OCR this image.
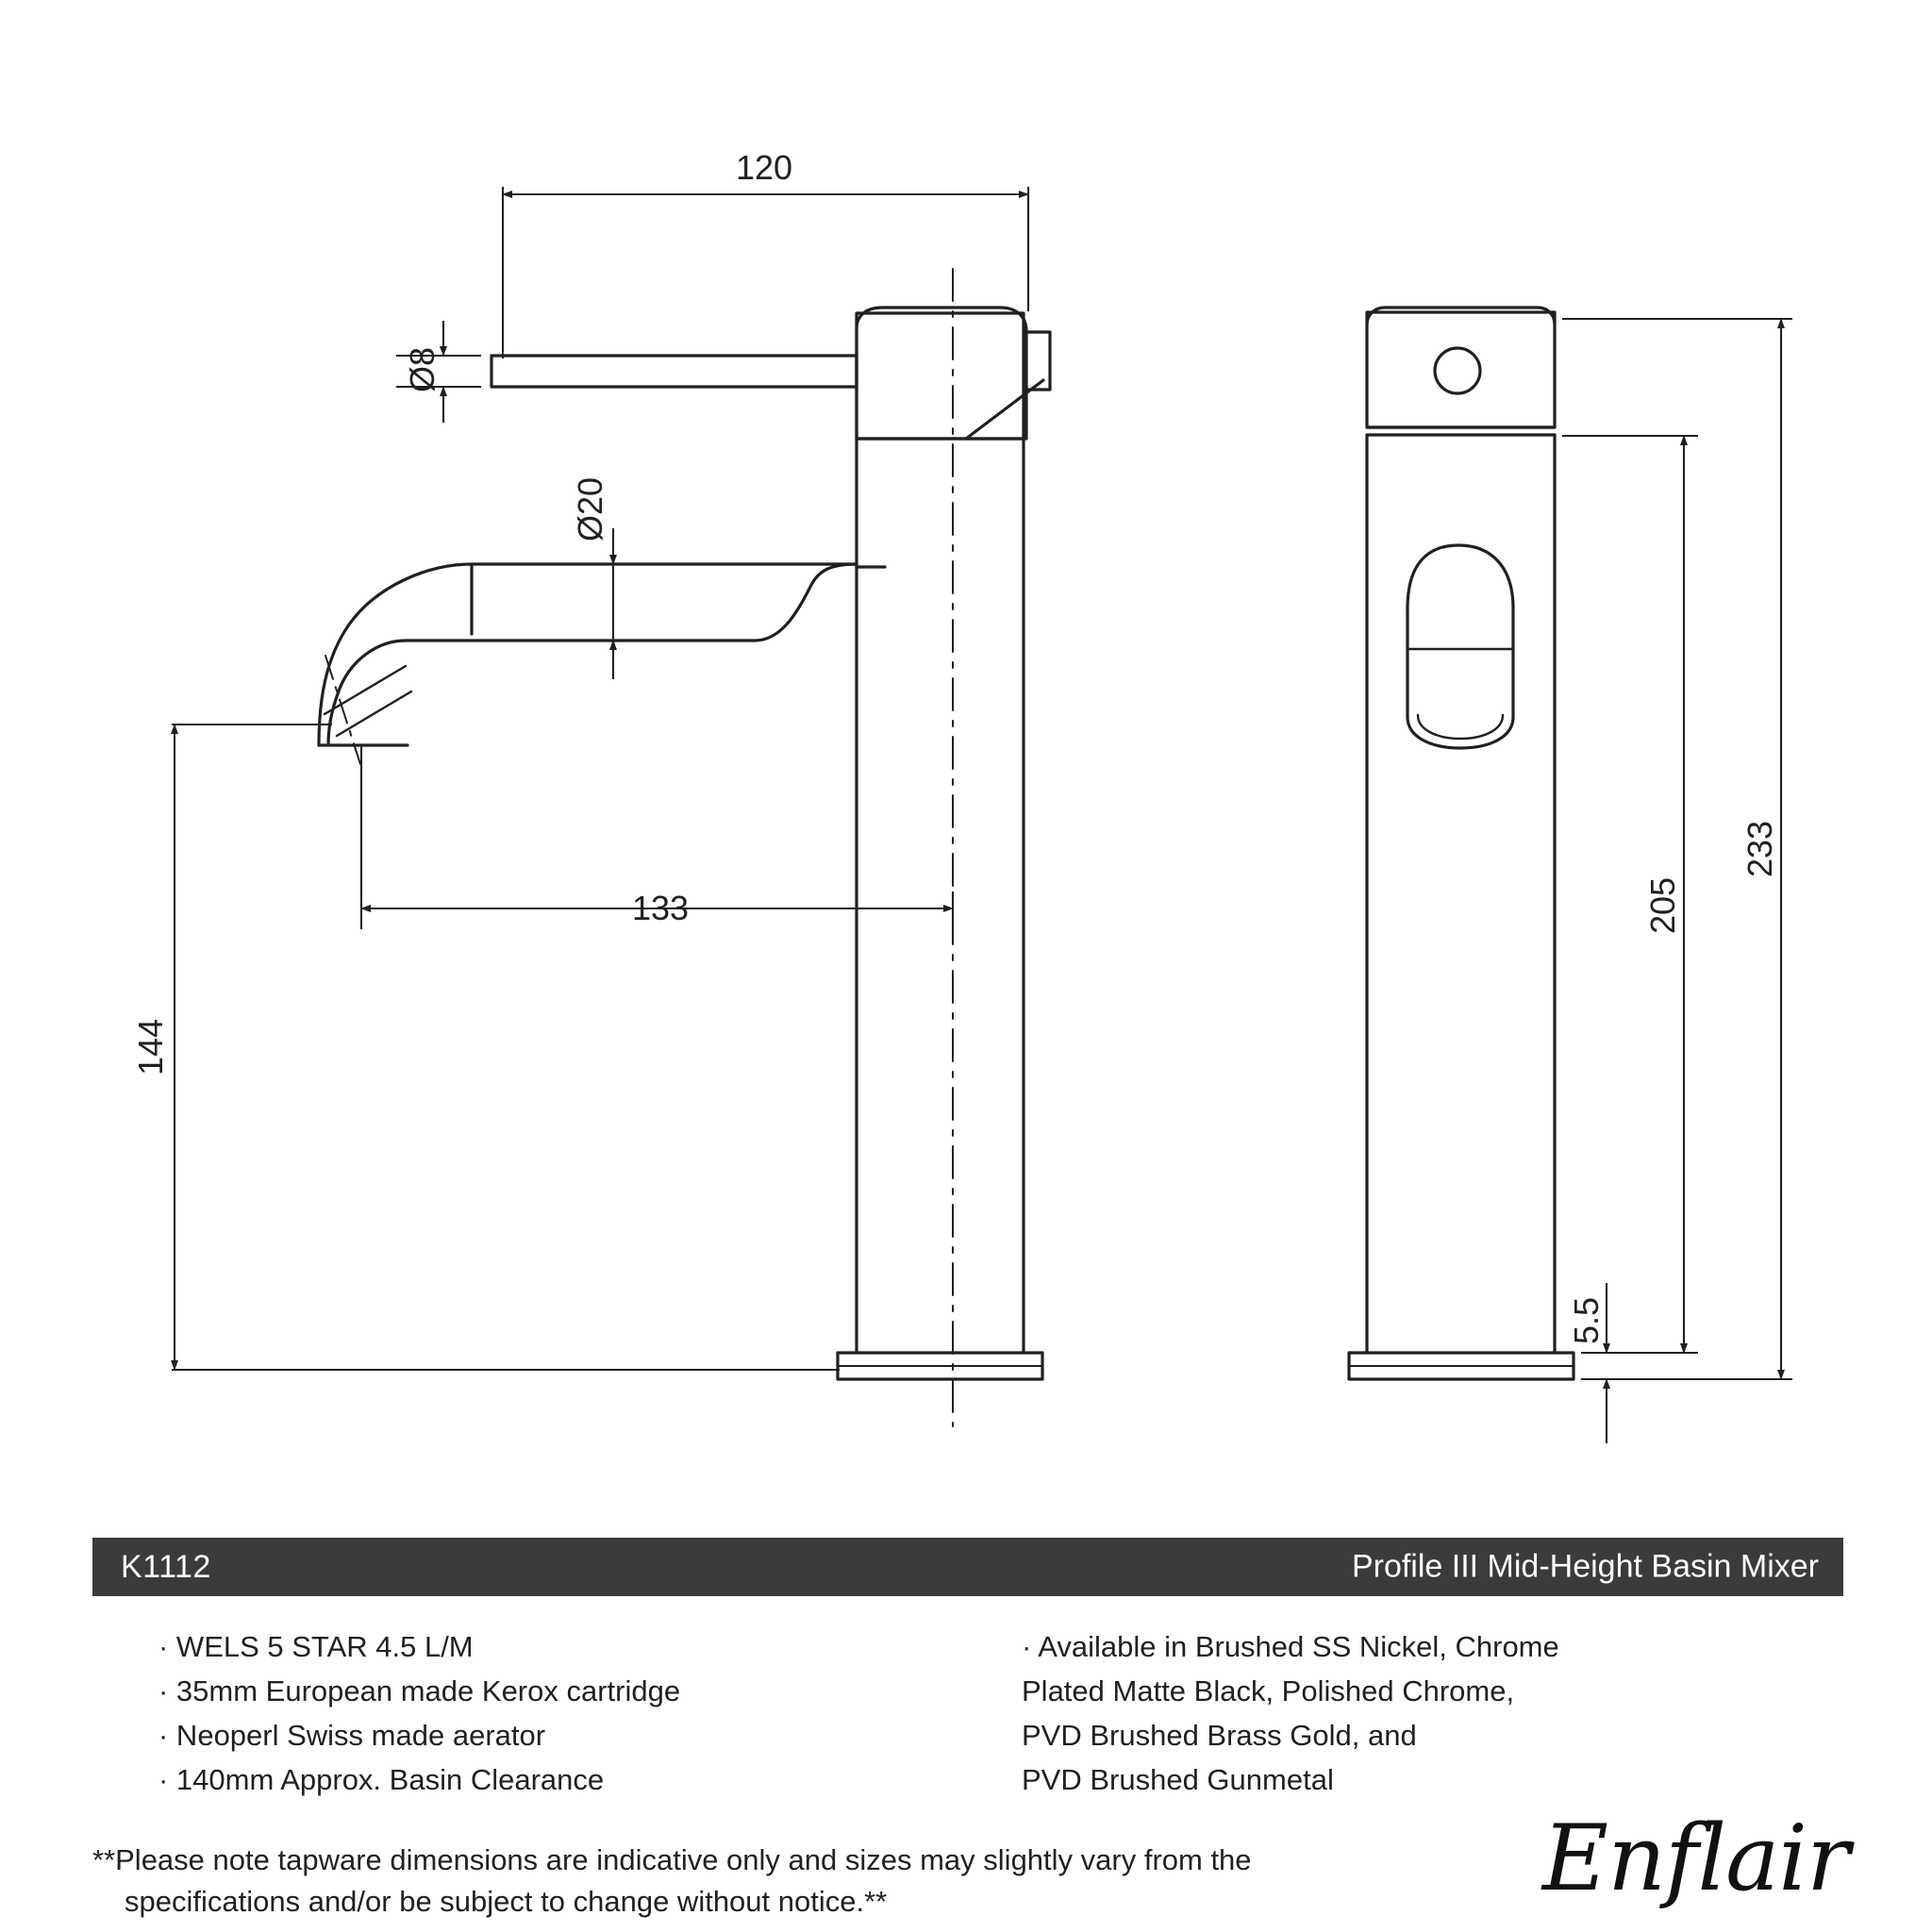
120
133
Ø8
Ø20
144
233
205
5.5
K1112	Profile III Mid-Height Basin Mixer
· WELS 5 STAR 4.5 L/M
· 35mm European made Kerox cartridge
· Neoperl Swiss made aerator
· 140mm Approx. Basin Clearance
· Available in Brushed SS Nickel, Chrome
Plated Matte Black, Polished Chrome,
PVD Brushed Brass Gold, and
PVD Brushed Gunmetal
**Please note tapware dimensions are indicative only and sizes may slightly vary from the
specifications and/or be subject to change without notice.**	Enflair
